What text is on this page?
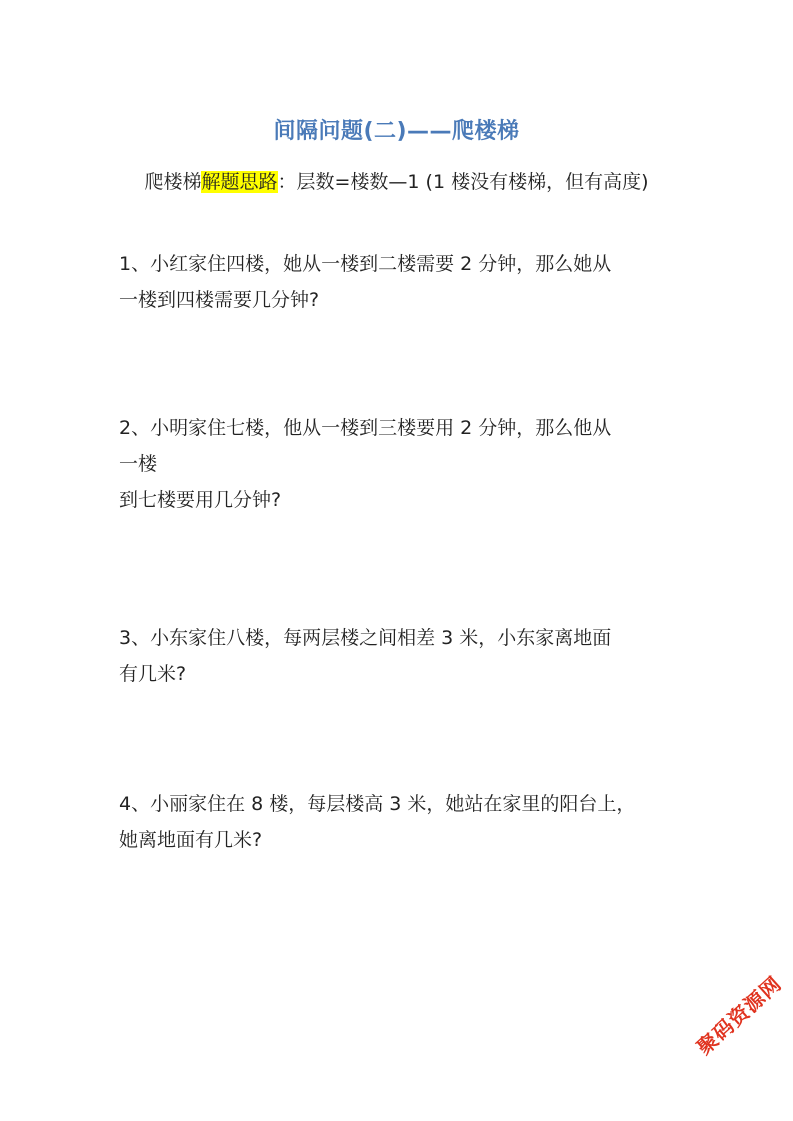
间隔问题(二)——爬楼梯
爬楼梯解题思路：层数=楼数—1 (1 楼没有楼梯，但有高度)
1、小红家住四楼，她从一楼到二楼需要 2 分钟，那么她从
一楼到四楼需要几分钟?
2、小明家住七楼，他从一楼到三楼要用 2 分钟，那么他从
一楼
到七楼要用几分钟?
3、小东家住八楼，每两层楼之间相差 3 米，小东家离地面
有几米?
4、小丽家住在 8 楼，每层楼高 3 米，她站在家里的阳台上，
她离地面有几米?
聚码资源网
